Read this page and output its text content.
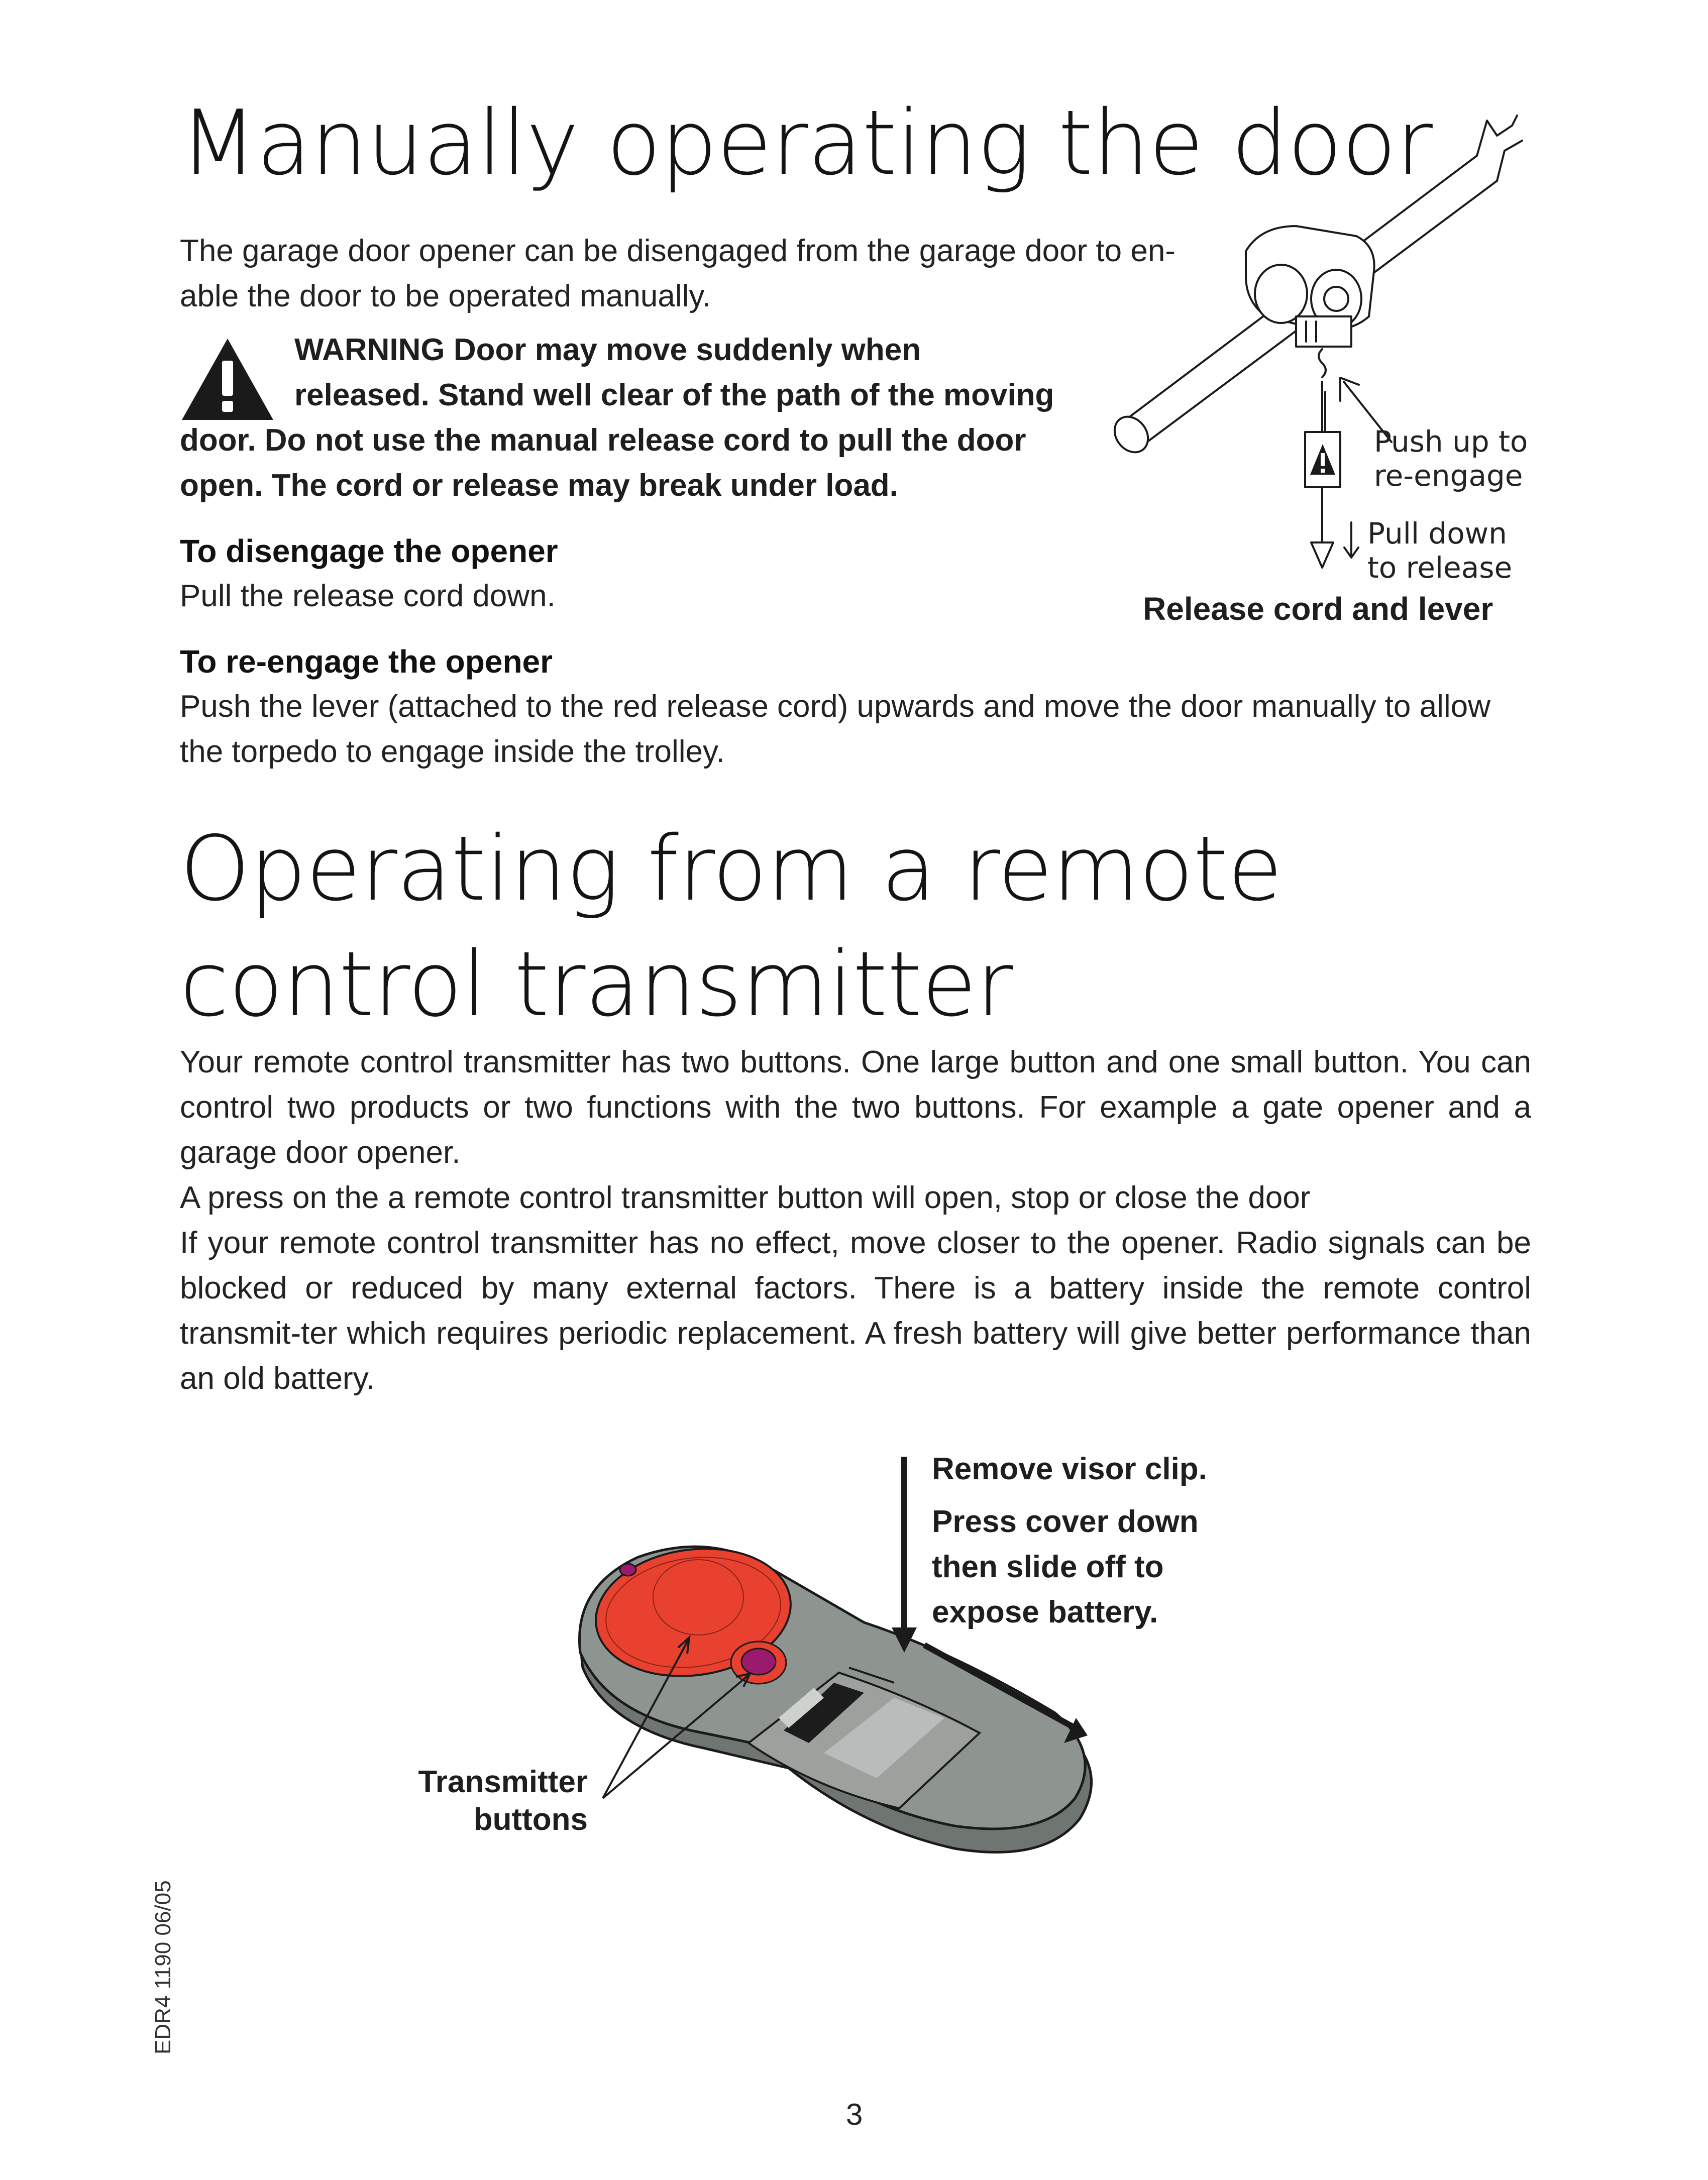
Manually operating the door
The garage door opener can be disengaged from the garage door to en-able the door to be operated manually.
WARNING Door may move suddenly when
released. Stand well clear of the path of the moving
door. Do not use the manual release cord to pull the door open. The cord or release may break under load.
To disengage the opener
Pull the release cord down.
To re-engage the opener
Push the lever (attached to the red release cord) upwards and move the door manually to allow the torpedo to engage inside the trolley.
Push up to
re-engage
Pull down
to release
Release cord and lever
Operating from a remote control transmitter

Your remote control transmitter has two buttons. One large button and one small button. You can control two products or two functions with the two buttons. For example a gate opener and a garage door opener.

A press on the a remote control transmitter button will open, stop or close the door

If your remote control transmitter has no effect, move closer to the opener. Radio signals can be blocked or reduced by many external factors. There is a battery inside the remote control transmit-ter which requires periodic replacement. A fresh battery will give better performance than an old battery.

Remove visor clip.
Press cover down
then slide off to
expose battery.
Transmitter
buttons
EDR4 1190 06/05
3
